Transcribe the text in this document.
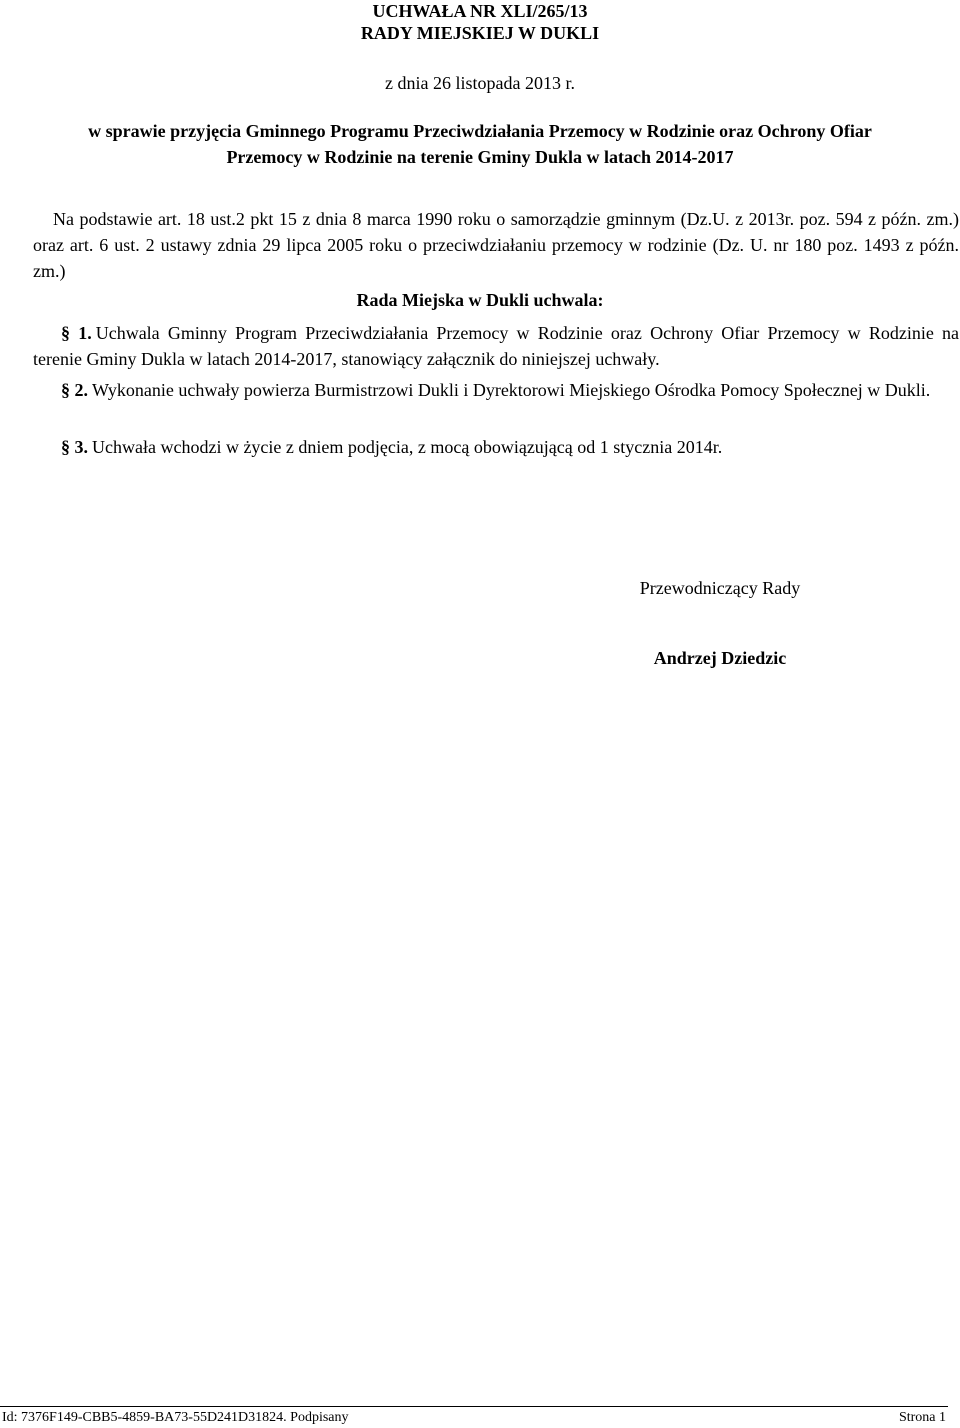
UCHWAŁA NR XLI/265/13
RADY MIEJSKIEJ W DUKLI
z dnia 26 listopada 2013 r.
w sprawie przyjęcia Gminnego Programu Przeciwdziałania Przemocy w Rodzinie oraz Ochrony Ofiar
Przemocy w Rodzinie na terenie Gminy Dukla w latach 2014-2017
Na podstawie art. 18 ust.2 pkt 15 z dnia 8 marca 1990 roku o samorządzie gminnym (Dz.U. z 2013r. poz. 594 z późn. zm.) oraz art. 6 ust. 2 ustawy zdnia 29 lipca 2005 roku o przeciwdziałaniu przemocy w rodzinie (Dz. U. nr 180 poz. 1493 z późn. zm.)
Rada Miejska w Dukli uchwala:
§ 1. Uchwala Gminny Program Przeciwdziałania Przemocy w Rodzinie oraz Ochrony Ofiar Przemocy w Rodzinie na terenie Gminy Dukla w latach 2014-2017, stanowiący załącznik do niniejszej uchwały.
§ 2. Wykonanie uchwały powierza Burmistrzowi Dukli i Dyrektorowi Miejskiego Ośrodka Pomocy Społecznej w Dukli.
§ 3. Uchwała wchodzi w życie z dniem podjęcia, z mocą obowiązującą od 1 stycznia 2014r.
Przewodniczący Rady
Andrzej Dziedzic
Id: 7376F149-CBB5-4859-BA73-55D241D31824. Podpisany	Strona 1
